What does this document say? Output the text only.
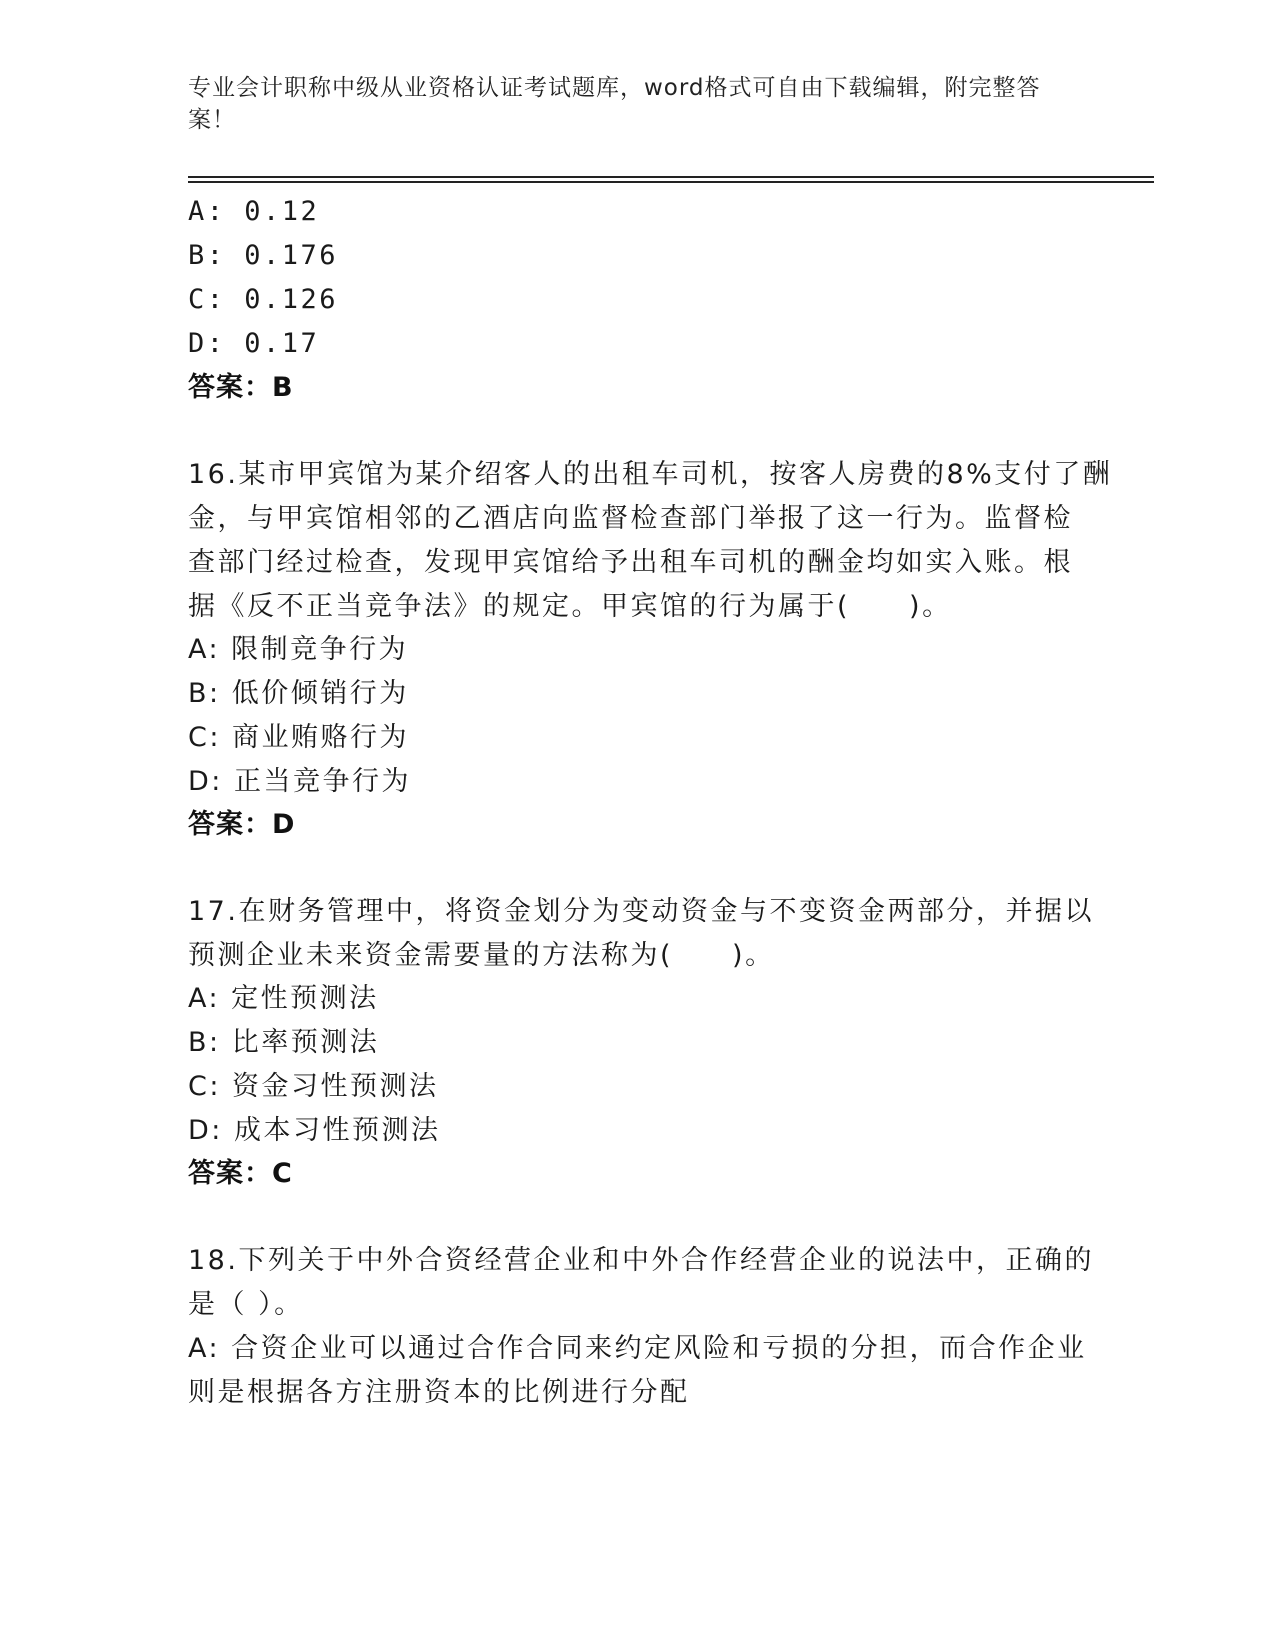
专业会计职称中级从业资格认证考试题库，word格式可自由下载编辑，附完整答案！
A: 0.12
B: 0.176
C: 0.126
D: 0.17
答案：B
16.某市甲宾馆为某介绍客人的出租车司机，按客人房费的8%支付了酬
金，与甲宾馆相邻的乙酒店向监督检查部门举报了这一行为。监督检
查部门经过检查，发现甲宾馆给予出租车司机的酬金均如实入账。根
据《反不正当竞争法》的规定。甲宾馆的行为属于(　　)。
A: 限制竞争行为
B: 低价倾销行为
C: 商业贿赂行为
D: 正当竞争行为
答案：D
17.在财务管理中，将资金划分为变动资金与不变资金两部分，并据以
预测企业未来资金需要量的方法称为(　　)。
A: 定性预测法
B: 比率预测法
C: 资金习性预测法
D: 成本习性预测法
答案：C
18.下列关于中外合资经营企业和中外合作经营企业的说法中，正确的
是（ ）。
A: 合资企业可以通过合作合同来约定风险和亏损的分担，而合作企业
则是根据各方注册资本的比例进行分配
